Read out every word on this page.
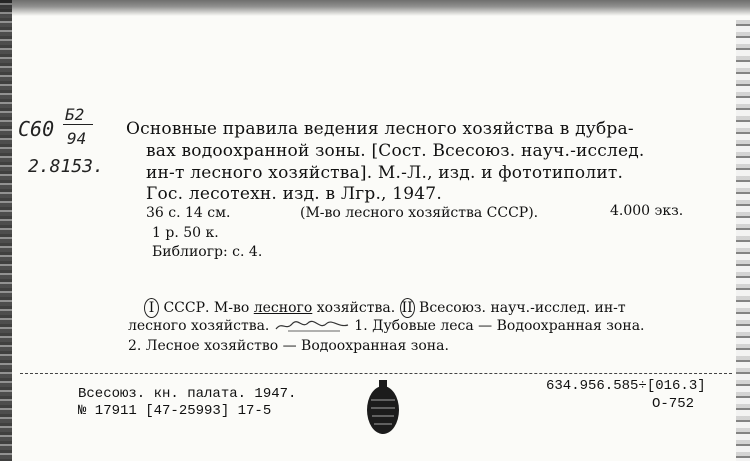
С60
Б2
94
2.8153.
Основные правила ведения лесного хозяйства в дубра-
вах водоохранной зоны. [Сост. Всесоюз. науч.-исслед.
ин-т лесного хозяйства]. М.-Л., изд. и фототиполит.
Гос. лесотехн. изд. в Лгр., 1947.
36 с. 14 см.	(М-во лесного хозяйства СССР).	4.000 экз.
1 р. 50 к.
Библиогр: с. 4.
I СССР. М-во лесного хозяйства. II Всесоюз. науч.-исслед. ин-т
лесного хозяйства.	1. Дубовые леса — Водоохранная зона.
2. Лесное хозяйство — Водоохранная зона.
Всесоюз. кн. палата. 1947.
№ 17911 [47-25993] 17-5
634.956.585÷[016.3]
О-752
